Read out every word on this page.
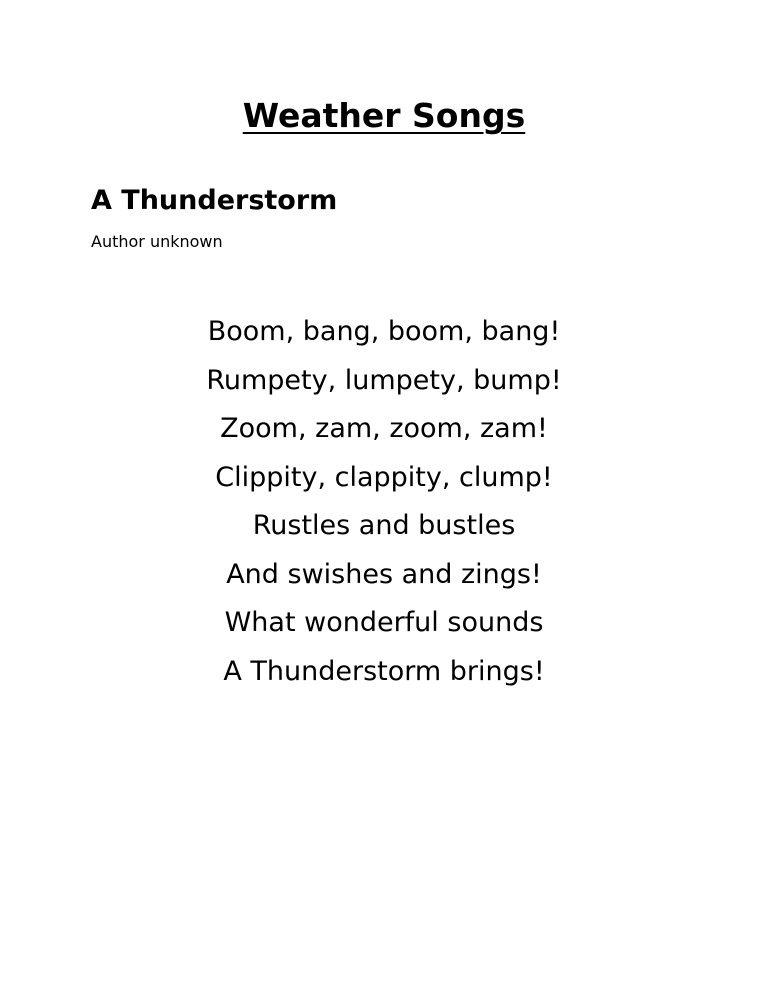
Weather Songs
A Thunderstorm
Author unknown
Boom, bang, boom, bang!
Rumpety, lumpety, bump!
Zoom, zam, zoom, zam!
Clippity, clappity, clump!
Rustles and bustles
And swishes and zings!
What wonderful sounds
A Thunderstorm brings!
